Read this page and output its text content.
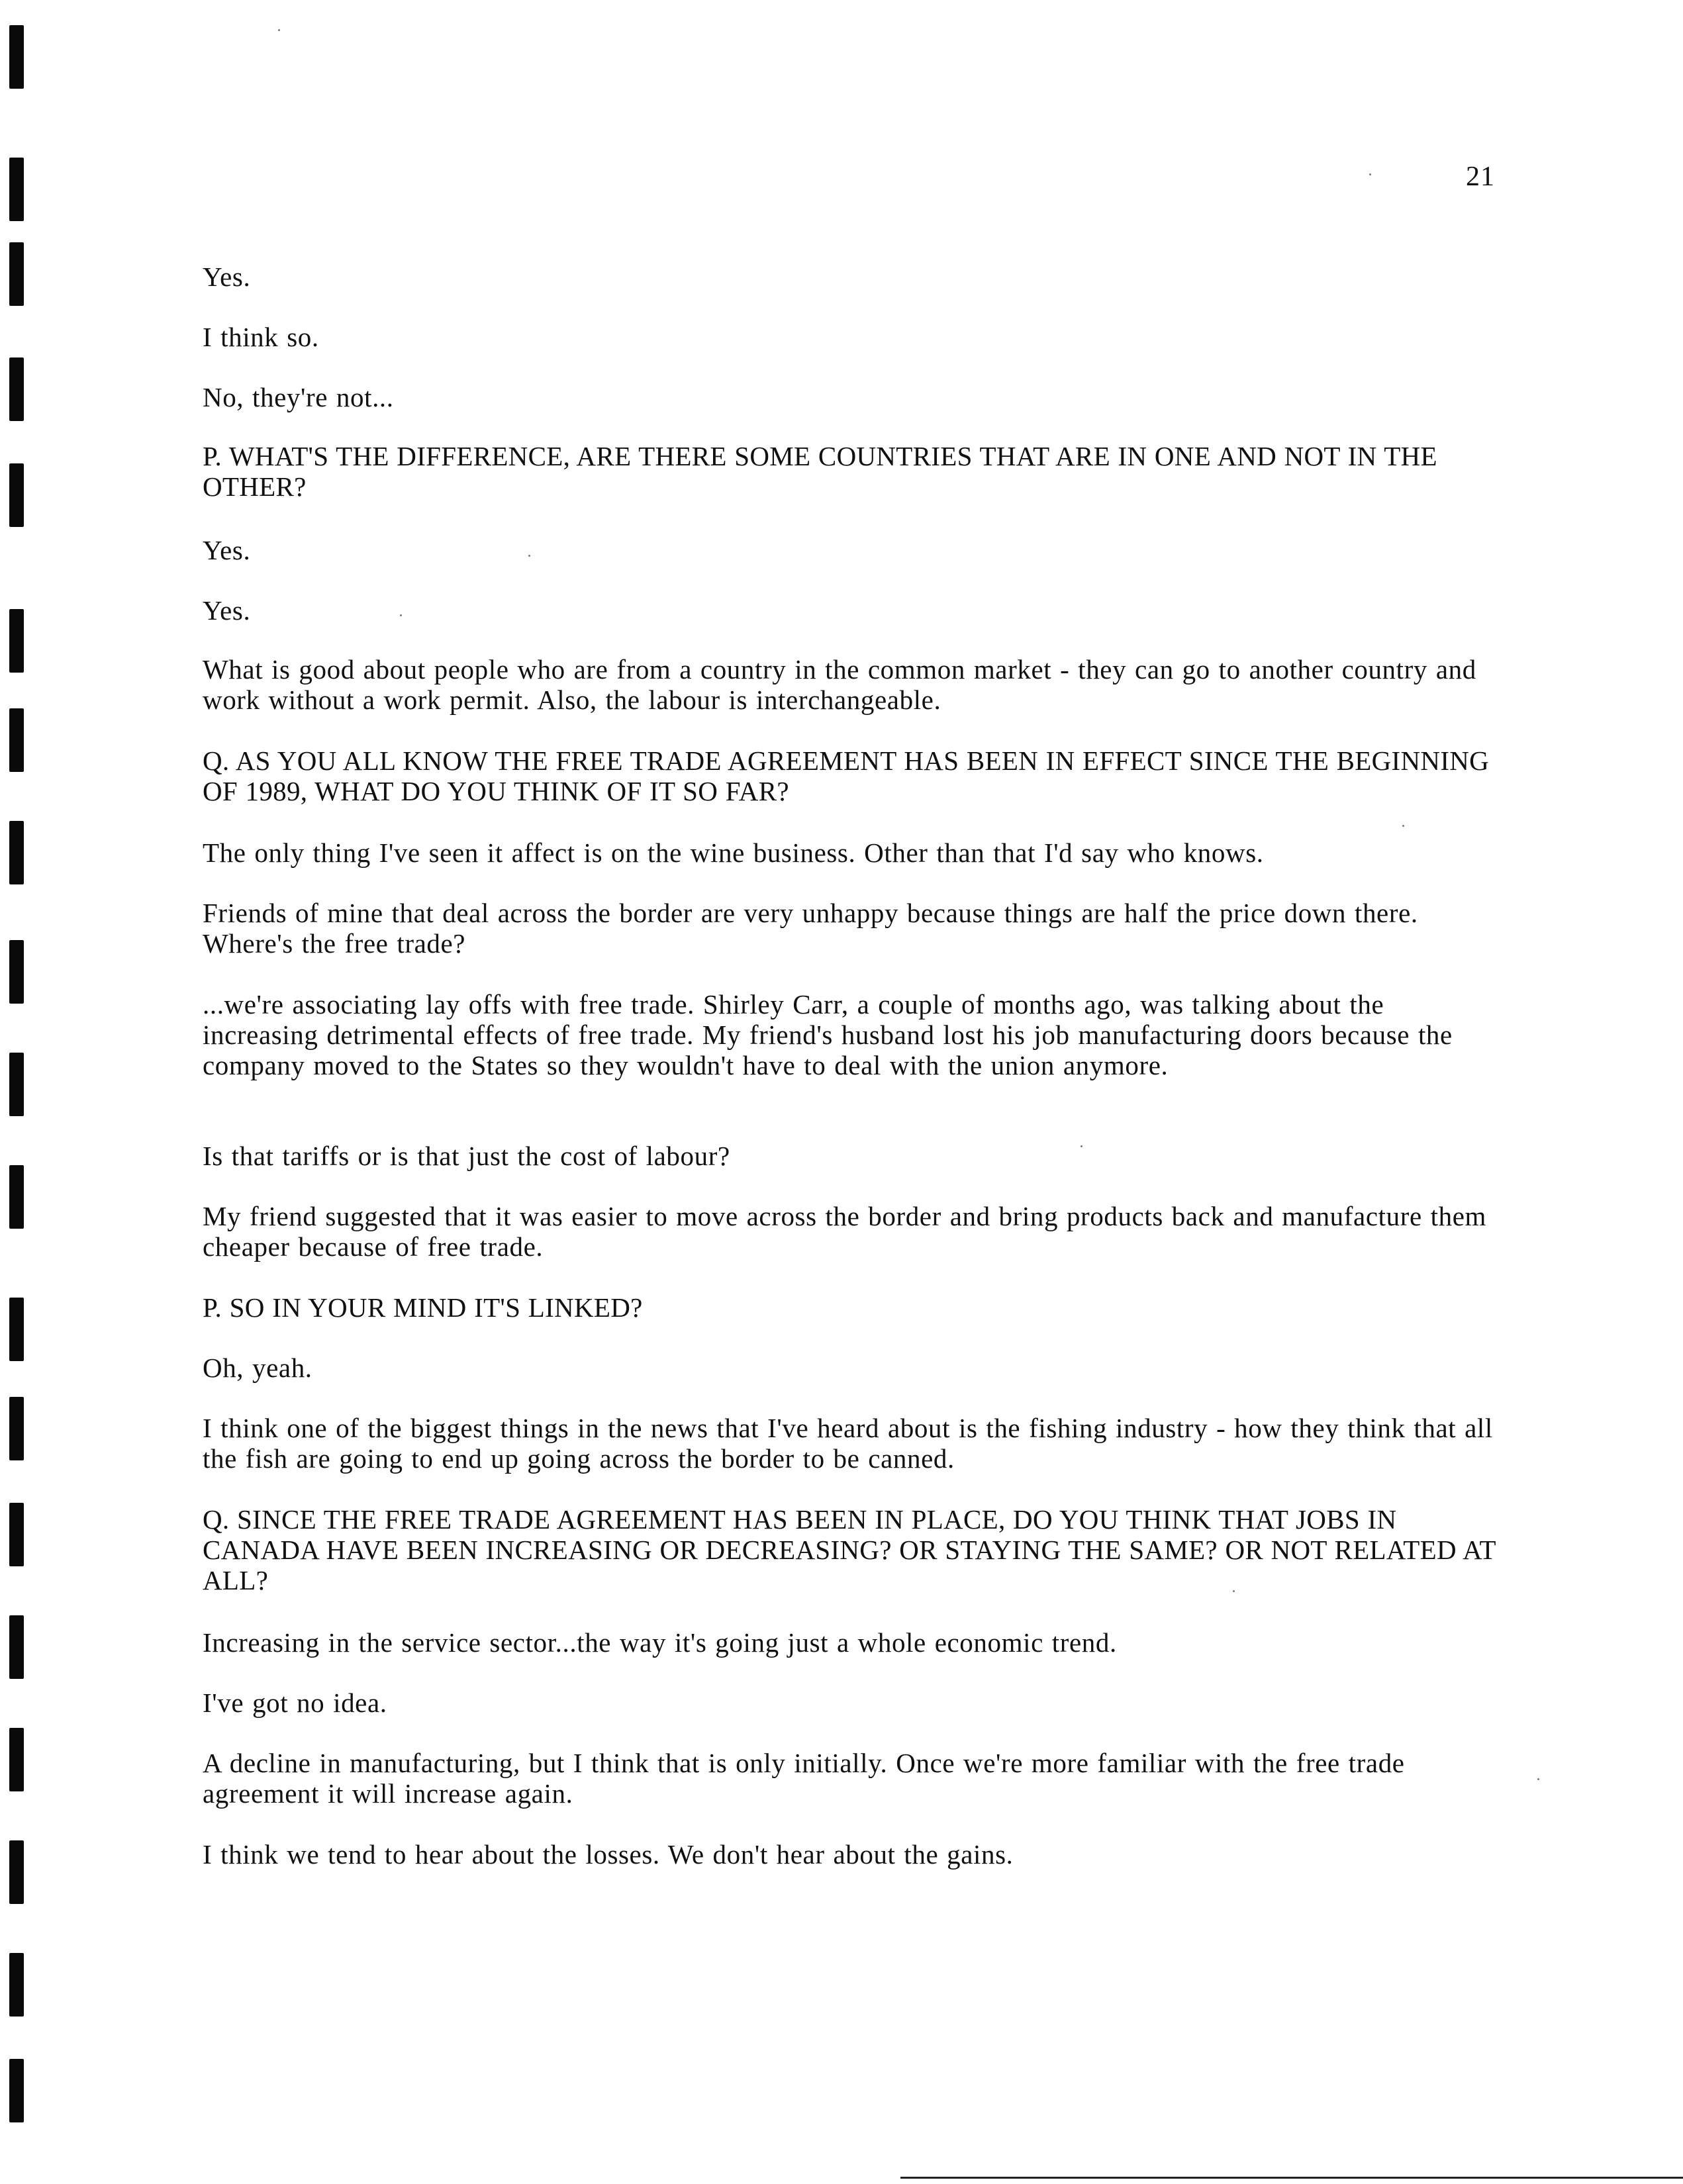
21

Yes.

I think so.

No, they're not...

P. WHAT'S THE DIFFERENCE, ARE THERE SOME COUNTRIES THAT ARE IN ONE AND NOT IN THE OTHER?

Yes.

Yes.

What is good about people who are from a country in the common market - they can go to another country and work without a work permit. Also, the labour is interchangeable.

Q. AS YOU ALL KNOW THE FREE TRADE AGREEMENT HAS BEEN IN EFFECT SINCE THE BEGINNING OF 1989, WHAT DO YOU THINK OF IT SO FAR?

The only thing I've seen it affect is on the wine business. Other than that I'd say who knows.

Friends of mine that deal across the border are very unhappy because things are half the price down there. Where's the free trade?

...we're associating lay offs with free trade. Shirley Carr, a couple of months ago, was talking about the increasing detrimental effects of free trade. My friend's husband lost his job manufacturing doors because the company moved to the States so they wouldn't have to deal with the union anymore.

Is that tariffs or is that just the cost of labour?

My friend suggested that it was easier to move across the border and bring products back and manufacture them cheaper because of free trade.

P. SO IN YOUR MIND IT'S LINKED?

Oh, yeah.

I think one of the biggest things in the news that I've heard about is the fishing industry - how they think that all the fish are going to end up going across the border to be canned.

Q. SINCE THE FREE TRADE AGREEMENT HAS BEEN IN PLACE, DO YOU THINK THAT JOBS IN CANADA HAVE BEEN INCREASING OR DECREASING? OR STAYING THE SAME? OR NOT RELATED AT ALL?

Increasing in the service sector...the way it's going just a whole economic trend.

I've got no idea.

A decline in manufacturing, but I think that is only initially. Once we're more familiar with the free trade agreement it will increase again.

I think we tend to hear about the losses. We don't hear about the gains.
